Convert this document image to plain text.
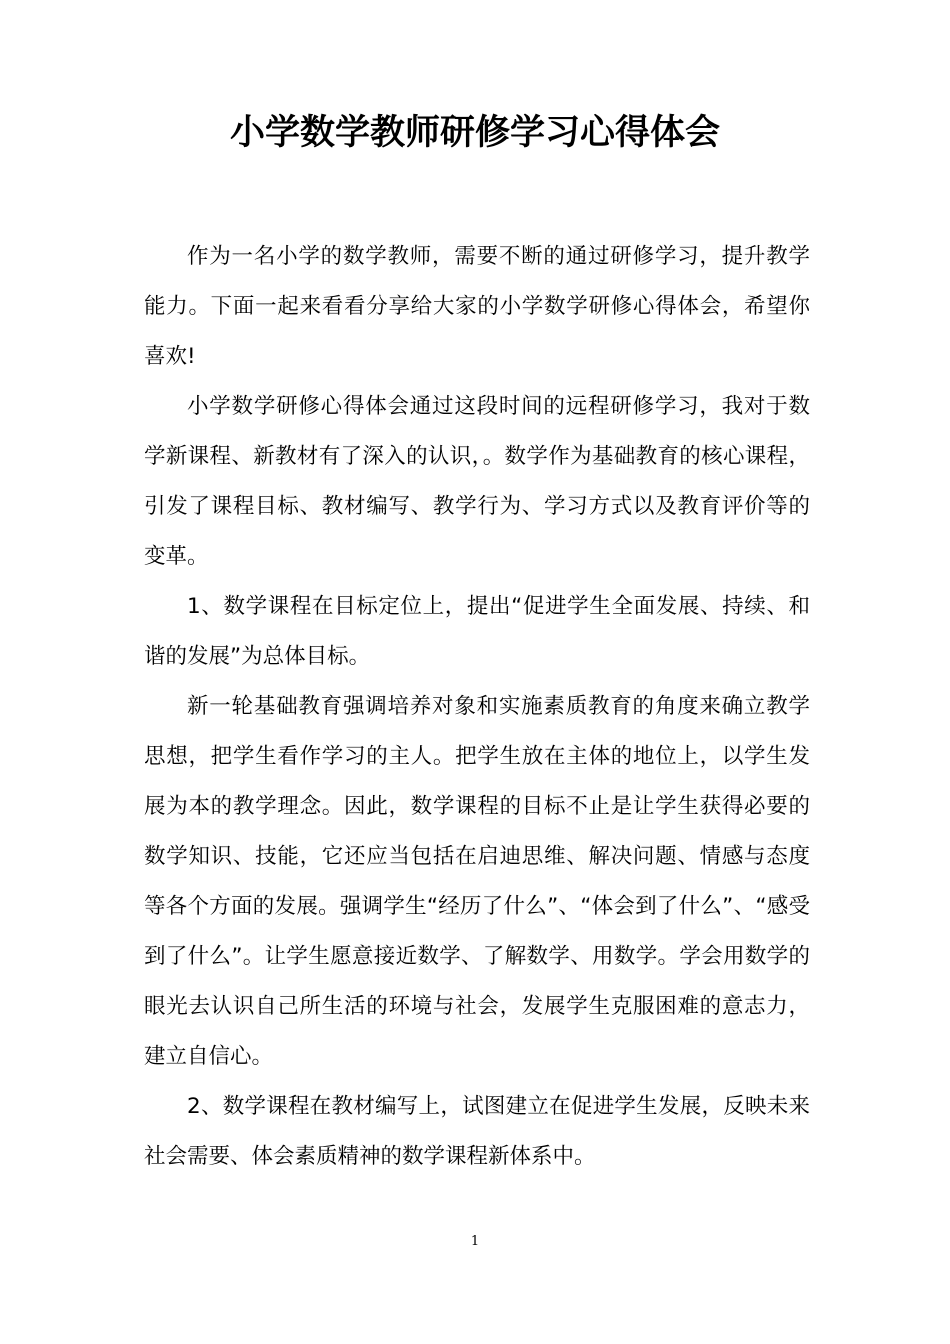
小学数学教师研修学习心得体会

作为一名小学的数学教师，需要不断的通过研修学习，提升教学能力。下面一起来看看分享给大家的小学数学研修心得体会，希望你喜欢!

小学数学研修心得体会通过这段时间的远程研修学习，我对于数学新课程、新教材有了深入的认识，。数学作为基础教育的核心课程，引发了课程目标、教材编写、教学行为、学习方式以及教育评价等的变革。

1、数学课程在目标定位上，提出“促进学生全面发展、持续、和谐的发展”为总体目标。

新一轮基础教育强调培养对象和实施素质教育的角度来确立教学思想，把学生看作学习的主人。把学生放在主体的地位上，以学生发展为本的教学理念。因此，数学课程的目标不止是让学生获得必要的数学知识、技能，它还应当包括在启迪思维、解决问题、情感与态度等各个方面的发展。强调学生“经历了什么”、“体会到了什么”、“感受到了什么”。让学生愿意接近数学、了解数学、用数学。学会用数学的眼光去认识自己所生活的环境与社会，发展学生克服困难的意志力，建立自信心。

2、数学课程在教材编写上，试图建立在促进学生发展，反映未来社会需要、体会素质精神的数学课程新体系中。

1
